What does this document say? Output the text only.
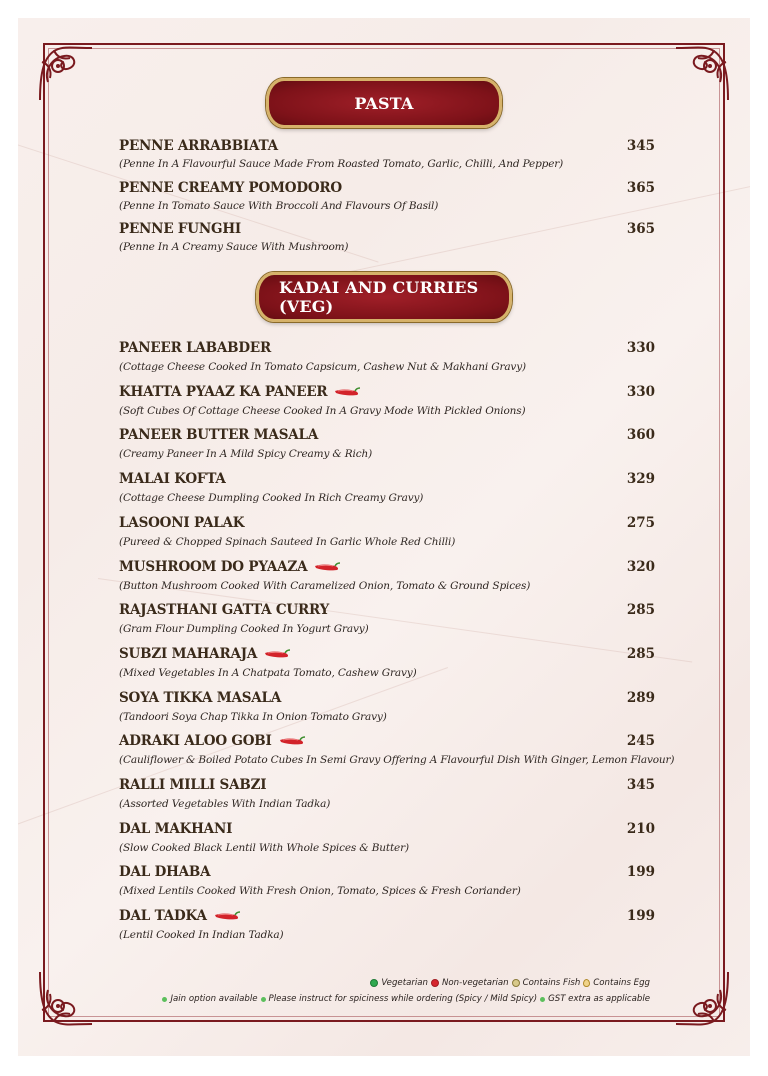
PASTA
KADAI AND CURRIES (VEG)
PENNE ARRABBIATA	345
(Penne In A Flavourful Sauce Made From Roasted Tomato, Garlic, Chilli, And Pepper)
PENNE CREAMY POMODORO	365
(Penne In Tomato Sauce With Broccoli And Flavours Of Basil)
PENNE FUNGHI	365
(Penne In A Creamy Sauce With Mushroom)
PANEER LABABDER	330
(Cottage Cheese Cooked In Tomato Capsicum, Cashew Nut & Makhani Gravy)
KHATTA PYAAZ KA PANEER	330
(Soft Cubes Of Cottage Cheese Cooked In A Gravy Mode With Pickled Onions)
PANEER BUTTER MASALA	360
(Creamy Paneer In A Mild Spicy Creamy & Rich)
MALAI KOFTA	329
(Cottage Cheese Dumpling Cooked In Rich Creamy Gravy)
LASOONI PALAK	275
(Pureed & Chopped Spinach Sauteed In Garlic Whole Red Chilli)
MUSHROOM DO PYAAZA	320
(Button Mushroom Cooked With Caramelized Onion, Tomato & Ground Spices)
RAJASTHANI GATTA CURRY	285
(Gram Flour Dumpling Cooked In Yogurt Gravy)
SUBZI MAHARAJA	285
(Mixed Vegetables In A Chatpata Tomato, Cashew Gravy)
SOYA TIKKA MASALA	289
(Tandoori Soya Chap Tikka In Onion Tomato Gravy)
ADRAKI ALOO GOBI	245
(Cauliflower & Boiled Potato Cubes In Semi Gravy Offering A Flavourful Dish With Ginger, Lemon Flavour)
RALLI MILLI SABZI	345
(Assorted Vegetables With Indian Tadka)
DAL MAKHANI	210
(Slow Cooked Black Lentil With Whole Spices & Butter)
DAL DHABA	199
(Mixed Lentils Cooked With Fresh Onion, Tomato, Spices & Fresh Coriander)
DAL TADKA	199
(Lentil Cooked In Indian Tadka)
Vegetarian Non-vegetarian Contains Fish Contains Egg
Jain option available Please instruct for spiciness while ordering (Spicy / Mild Spicy) GST extra as applicable
